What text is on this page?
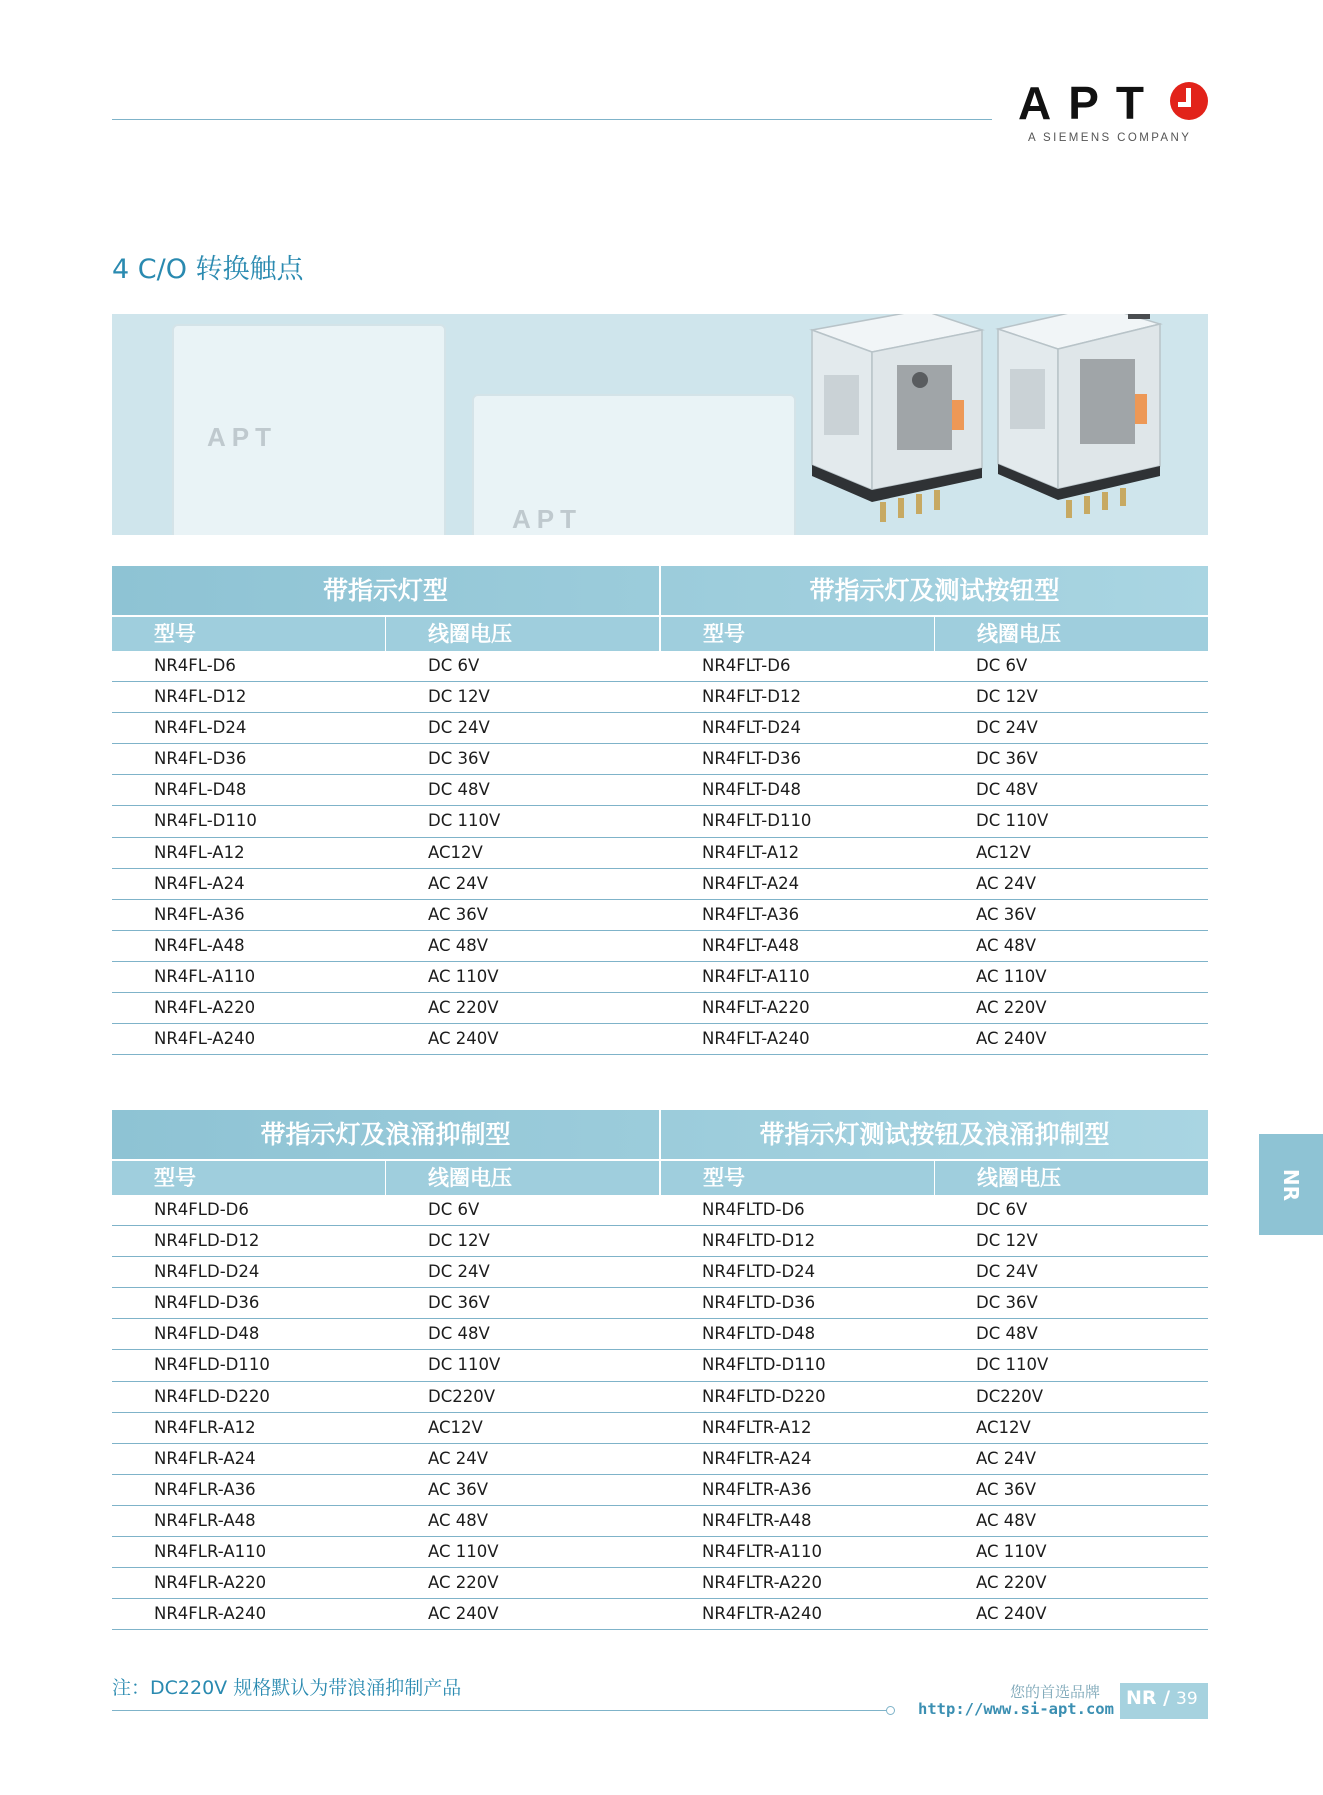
APT
A SIEMENS COMPANY
4 C/O 转换触点
APT
APT
带指示灯型	带指示灯及测试按钮型
型号	线圈电压	型号	线圈电压
NR4FL-D6	DC 6V	NR4FLT-D6	DC 6V
NR4FL-D12	DC 12V	NR4FLT-D12	DC 12V
NR4FL-D24	DC 24V	NR4FLT-D24	DC 24V
NR4FL-D36	DC 36V	NR4FLT-D36	DC 36V
NR4FL-D48	DC 48V	NR4FLT-D48	DC 48V
NR4FL-D110	DC 110V	NR4FLT-D110	DC 110V
NR4FL-A12	AC12V	NR4FLT-A12	AC12V
NR4FL-A24	AC 24V	NR4FLT-A24	AC 24V
NR4FL-A36	AC 36V	NR4FLT-A36	AC 36V
NR4FL-A48	AC 48V	NR4FLT-A48	AC 48V
NR4FL-A110	AC 110V	NR4FLT-A110	AC 110V
NR4FL-A220	AC 220V	NR4FLT-A220	AC 220V
NR4FL-A240	AC 240V	NR4FLT-A240	AC 240V
带指示灯及浪涌抑制型	带指示灯测试按钮及浪涌抑制型
型号	线圈电压	型号	线圈电压
NR4FLD-D6	DC 6V	NR4FLTD-D6	DC 6V
NR4FLD-D12	DC 12V	NR4FLTD-D12	DC 12V
NR4FLD-D24	DC 24V	NR4FLTD-D24	DC 24V
NR4FLD-D36	DC 36V	NR4FLTD-D36	DC 36V
NR4FLD-D48	DC 48V	NR4FLTD-D48	DC 48V
NR4FLD-D110	DC 110V	NR4FLTD-D110	DC 110V
NR4FLD-D220	DC220V	NR4FLTD-D220	DC220V
NR4FLR-A12	AC12V	NR4FLTR-A12	AC12V
NR4FLR-A24	AC 24V	NR4FLTR-A24	AC 24V
NR4FLR-A36	AC 36V	NR4FLTR-A36	AC 36V
NR4FLR-A48	AC 48V	NR4FLTR-A48	AC 48V
NR4FLR-A110	AC 110V	NR4FLTR-A110	AC 110V
NR4FLR-A220	AC 220V	NR4FLTR-A220	AC 220V
NR4FLR-A240	AC 240V	NR4FLTR-A240	AC 240V
NR
注：DC220V 规格默认为带浪涌抑制产品	您的首选品牌
http://www.si-apt.com NR / 39
